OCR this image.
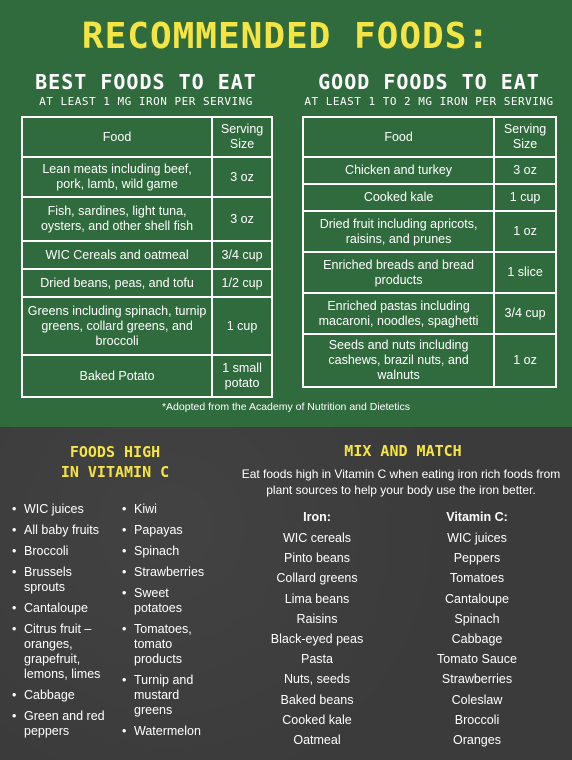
RECOMMENDED FOODS:
BEST FOODS TO EAT
AT LEAST 1 MG IRON PER SERVING
GOOD FOODS TO EAT
AT LEAST 1 TO 2 MG IRON PER SERVING
Food	Serving Size
Lean meats including beef, pork, lamb, wild game	3 oz
Fish, sardines, light tuna, oysters, and other shell fish	3 oz
WIC Cereals and oatmeal	3/4 cup
Dried beans, peas, and tofu	1/2 cup
Greens including spinach, turnip greens, collard greens, and broccoli	1 cup
Baked Potato	1 small potato
Food	Serving Size
Chicken and turkey	3 oz
Cooked kale	1 cup
Dried fruit including apricots, raisins, and prunes	1 oz
Enriched breads and bread products	1 slice
Enriched pastas including macaroni, noodles, spaghetti	3/4 cup
Seeds and nuts including cashews, brazil nuts, and walnuts	1 oz
*Adopted from the Academy of Nutrition and Dietetics
FOODS HIGH
IN VITAMIN C
• WIC juices
• All baby fruits
• Broccoli
• Brussels sprouts
• Cantaloupe
• Citrus fruit – oranges, grapefruit, lemons, limes
• Cabbage
• Green and red peppers
• Kiwi
• Papayas
• Spinach
• Strawberries
• Sweet potatoes
• Tomatoes, tomato products
• Turnip and mustard greens
• Watermelon
MIX AND MATCH
Eat foods high in Vitamin C when eating iron rich foods from plant sources to help your body use the iron better.
Iron:
WIC cereals
Pinto beans
Collard greens
Lima beans
Raisins
Black-eyed peas
Pasta
Nuts, seeds
Baked beans
Cooked kale
Oatmeal
Vitamin C:
WIC juices
Peppers
Tomatoes
Cantaloupe
Spinach
Cabbage
Tomato Sauce
Strawberries
Coleslaw
Broccoli
Oranges
